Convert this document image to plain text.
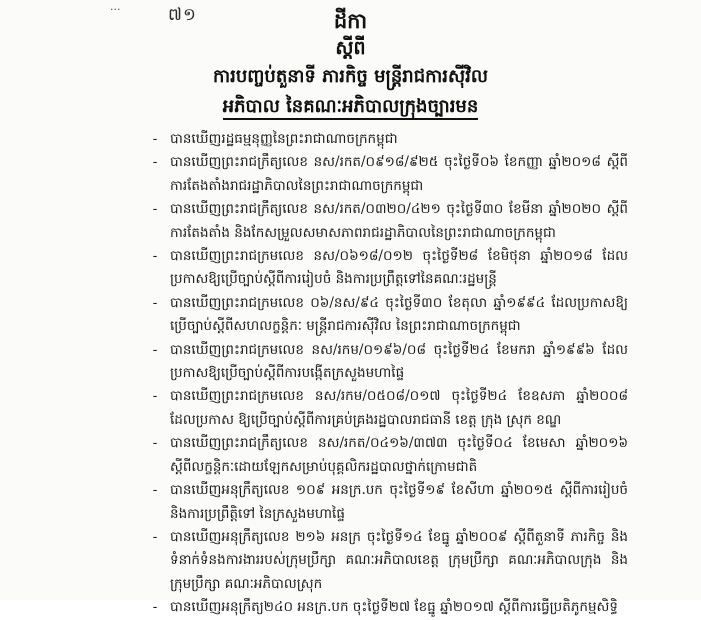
...	៧១	ដីកា
ស្តីពី
ការបញ្ចប់តួនាទី ភារកិច្ច មន្ត្រីរាជការស៊ីវិល
អភិបាល នៃគណៈអភិបាលក្រុងច្បារមន
- បានឃើញរដ្ឋធម្មនុញ្ញនៃព្រះរាជាណាចក្រកម្ពុជា
- បានឃើញព្រះរាជក្រឹត្យលេខ នស/រកត/០៩១៨/៩២៥ ចុះថ្ងៃទី០៦ ខែកញ្ញា ឆ្នាំ២០១៨ ស្តីពីការតែងតាំងរាជរដ្ឋាភិបាលនៃព្រះរាជាណាចក្រកម្ពុជា
- បានឃើញព្រះរាជក្រឹត្យលេខ នស/រកត/០៣២០/៤២១ ចុះថ្ងៃទី៣០ ខែមីនា ឆ្នាំ២០២០ ស្តីពីការតែងតាំង និងកែសម្រួលសមាសភាពរាជរដ្ឋាភិបាលនៃព្រះរាជាណាចក្រកម្ពុជា
- បានឃើញព្រះរាជក្រមលេខ នស/០៦១៨/០១២ ចុះថ្ងៃទី២៨ ខែមិថុនា ឆ្នាំ២០១៨ ដែលប្រកាសឱ្យប្រើច្បាប់ស្តីពីការរៀបចំ និងការប្រព្រឹត្តទៅនៃគណៈរដ្ឋមន្ត្រី
- បានឃើញព្រះរាជក្រមលេខ ០៦/នស/៩៤ ចុះថ្ងៃទី៣០ ខែតុលា ឆ្នាំ១៩៩៤ ដែលប្រកាសឱ្យប្រើច្បាប់ស្តីពីសហលក្ខន្តិកៈ មន្ត្រីរាជការស៊ីវិល នៃព្រះរាជាណាចក្រកម្ពុជា
- បានឃើញព្រះរាជក្រមលេខ នស/រកម/០១៩៦/០៨ ចុះថ្ងៃទី២៤ ខែមករា ឆ្នាំ១៩៩៦ ដែលប្រកាសឱ្យប្រើច្បាប់ស្តីពីការបង្កើតក្រសួងមហាផ្ទៃ
- បានឃើញព្រះរាជក្រមលេខ នស/រកម/០៥០៨/០១៧ ចុះថ្ងៃទី២៤ ខែឧសភា ឆ្នាំ២០០៨ ដែលប្រកាស ឱ្យប្រើច្បាប់ស្តីពីការគ្រប់គ្រងរដ្ឋបាលរាជធានី ខេត្ត ក្រុង ស្រុក ខណ្ឌ
- បានឃើញព្រះរាជក្រឹត្យលេខ នស/រកត/០៤១៦/៣៧៣ ចុះថ្ងៃទី០៤ ខែមេសា ឆ្នាំ២០១៦ ស្តីពីលក្ខន្តិកៈដោយឡែកសម្រាប់បុគ្គលិករដ្ឋបាលថ្នាក់ក្រោមជាតិ
- បានឃើញអនុក្រឹត្យលេខ ១០៩ អនក្រ.បក ចុះថ្ងៃទី១៩ ខែសីហា ឆ្នាំ២០១៥ ស្តីពីការរៀបចំ និងការប្រព្រឹត្តិទៅ នៃក្រសួងមហាផ្ទៃ
- បានឃើញអនុក្រឹត្យលេខ ២១៦ អនក្រ ចុះថ្ងៃទី១៤ ខែធ្នូ ឆ្នាំ២០០៩ ស្តីពីតួនាទី ភារកិច្ច និងទំនាក់ទំនងការងាររបស់ក្រុមប្រឹក្សា គណៈអភិបាលខេត្ត ក្រុមប្រឹក្សា គណៈអភិបាលក្រុង និងក្រុមប្រឹក្សា គណៈអភិបាលស្រុក
- បានឃើញអនុក្រឹត្យ២៤០ អនក្រ.បក ចុះថ្ងៃទី២៧ ខែធ្នូ ឆ្នាំ២០១៧ ស្តីពីការធ្វើប្រតិភូកម្មសិទ្ធិ
